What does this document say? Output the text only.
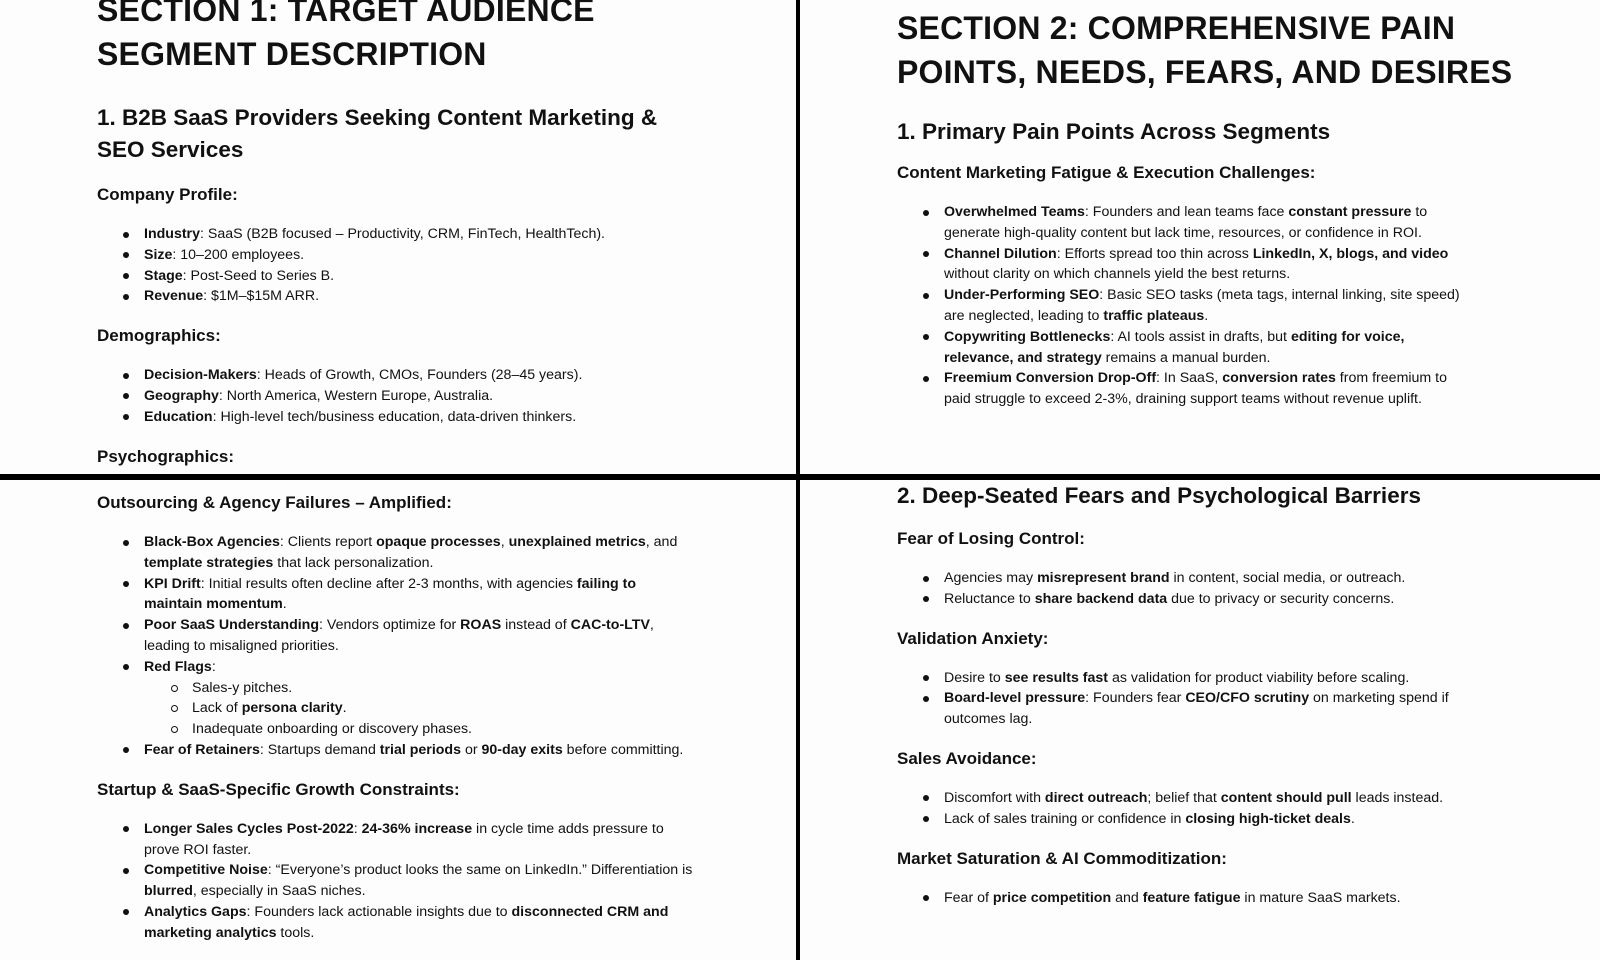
SECTION 1: TARGET AUDIENCE

SEGMENT DESCRIPTION

1. B2B SaaS Providers Seeking Content Marketing &
SEO Services

Company Profile:

Industry: SaaS (B2B focused – Productivity, CRM, FinTech, HealthTech).
Size: 10–200 employees.
Stage: Post-Seed to Series B.
Revenue: $1M–$15M ARR.

Demographics:

Decision-Makers: Heads of Growth, CMOs, Founders (28–45 years).
Geography: North America, Western Europe, Australia.
Education: High-level tech/business education, data-driven thinkers.

Psychographics:

SECTION 2: COMPREHENSIVE PAIN
POINTS, NEEDS, FEARS, AND DESIRES

1. Primary Pain Points Across Segments

Content Marketing Fatigue & Execution Challenges:

Overwhelmed Teams: Founders and lean teams face constant pressure to generate high-quality content but lack time, resources, or confidence in ROI.
Channel Dilution: Efforts spread too thin across LinkedIn, X, blogs, and video without clarity on which channels yield the best returns.
Under-Performing SEO: Basic SEO tasks (meta tags, internal linking, site speed) are neglected, leading to traffic plateaus.
Copywriting Bottlenecks: AI tools assist in drafts, but editing for voice, relevance, and strategy remains a manual burden.
Freemium Conversion Drop-Off: In SaaS, conversion rates from freemium to paid struggle to exceed 2-3%, draining support teams without revenue uplift.

Outsourcing & Agency Failures – Amplified:

Black-Box Agencies: Clients report opaque processes, unexplained metrics, and template strategies that lack personalization.
KPI Drift: Initial results often decline after 2-3 months, with agencies failing to maintain momentum.
Poor SaaS Understanding: Vendors optimize for ROAS instead of CAC-to-LTV, leading to misaligned priorities.
Red Flags:
Sales-y pitches.
Lack of persona clarity.
Inadequate onboarding or discovery phases.
Fear of Retainers: Startups demand trial periods or 90-day exits before committing.

Startup & SaaS-Specific Growth Constraints:

Longer Sales Cycles Post-2022: 24-36% increase in cycle time adds pressure to prove ROI faster.
Competitive Noise: “Everyone’s product looks the same on LinkedIn.” Differentiation is blurred, especially in SaaS niches.
Analytics Gaps: Founders lack actionable insights due to disconnected CRM and marketing analytics tools.

2. Deep-Seated Fears and Psychological Barriers

Fear of Losing Control:

Agencies may misrepresent brand in content, social media, or outreach.
Reluctance to share backend data due to privacy or security concerns.

Validation Anxiety:

Desire to see results fast as validation for product viability before scaling.
Board-level pressure: Founders fear CEO/CFO scrutiny on marketing spend if outcomes lag.

Sales Avoidance:

Discomfort with direct outreach; belief that content should pull leads instead.
Lack of sales training or confidence in closing high-ticket deals.

Market Saturation & AI Commoditization:

Fear of price competition and feature fatigue in mature SaaS markets.
